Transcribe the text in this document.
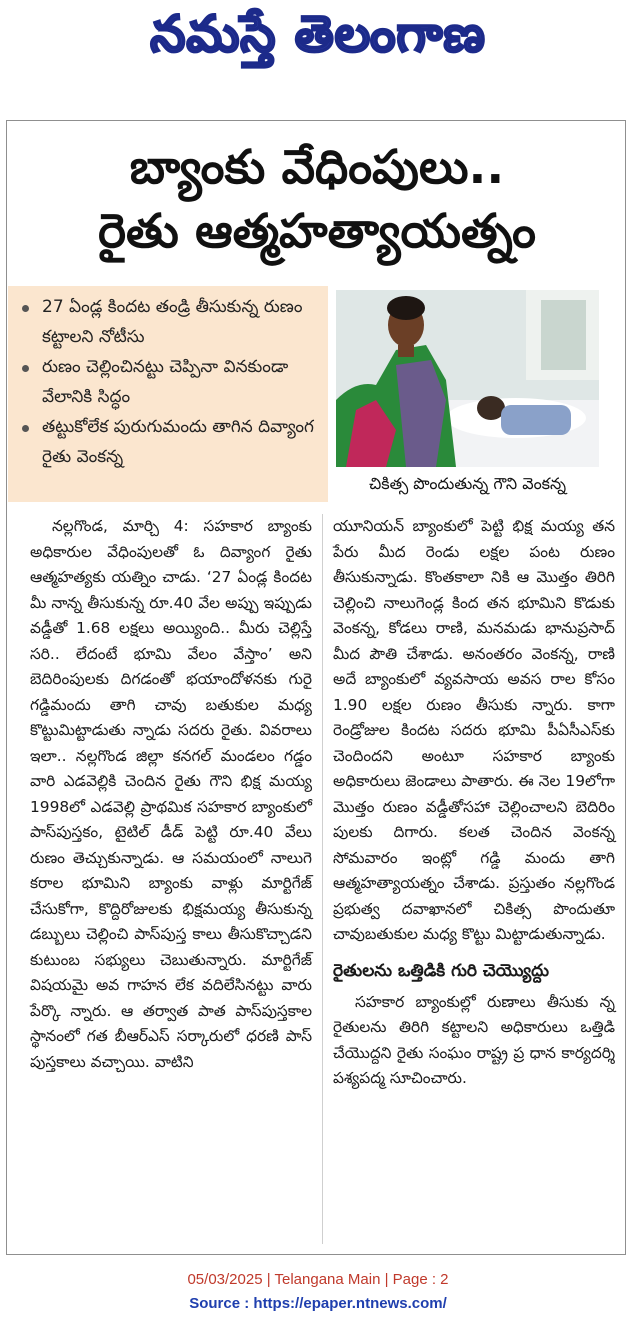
నమస్తే తెలంగాణ
బ్యాంకు వేధింపులు..
రైతు ఆత్మహత్యాయత్నం
27 ఏండ్ల కిందట తండ్రి తీసుకున్న రుణం కట్టాలని నోటీసు
రుణం చెల్లించినట్టు చెప్పినా వినకుండా వేలానికి సిద్ధం
తట్టుకోలేక పురుగుమందు తాగిన దివ్యాంగ రైతు వెంకన్న
చికిత్స పొందుతున్న గౌని వెంకన్న

నల్లగొండ, మార్చి 4: సహకార బ్యాంకు అధికారుల వేధింపులతో ఓ దివ్యాంగ రైతు ఆత్మహత్యకు యత్నిం చాడు. ‘27 ఏండ్ల కిందట మీ నాన్న తీసుకున్న రూ.40 వేల అప్పు ఇప్పుడు వడ్డీతో 1.68 లక్షలు అయ్యింది.. మీరు చెల్లిస్తే సరి.. లేదంటే భూమి వేలం వేస్తాం’ అని బెదిరింపులకు దిగడంతో భయాందోళనకు గురై గడ్డిమందు తాగి చావు బతుకుల మధ్య కొట్టుమిట్టాడుతు న్నాడు సదరు రైతు. వివరాలు ఇలా.. నల్లగొండ జిల్లా కనగల్ మండలం గడ్డం వారి ఎడవెల్లికి చెందిన రైతు గౌని భిక్ష మయ్య 1998లో ఎడవెల్లి ప్రాథమిక సహకార బ్యాంకులో పాస్‌పుస్తకం, టైటిల్ డీడ్ పెట్టి రూ.40 వేలు రుణం తెచ్చుకున్నాడు. ఆ సమయంలో నాలుగె కరాల భూమిని బ్యాంకు వాళ్లు మార్టిగేజ్ చేసుకోగా, కొద్దిరోజులకు భిక్షమయ్య తీసుకున్న డబ్బులు చెల్లించి పాస్‌పుస్త కాలు తీసుకొచ్చాడని కుటుంబ సభ్యులు చెబుతున్నారు. మార్టిగేజ్ విషయమై అవ గాహన లేక వదిలేసినట్టు వారు పేర్కొ న్నారు. ఆ తర్వాత పాత పాస్‌పుస్తకాల స్థానంలో గత బీఆర్‌ఎస్ సర్కారులో ధరణి పాస్ పుస్తకాలు వచ్చాయి. వాటిని

యూనియన్ బ్యాంకులో పెట్టి భిక్ష మయ్య తన పేరు మీద రెండు లక్షల పంట రుణం తీసుకున్నాడు. కొంతకాలా నికి ఆ మొత్తం తిరిగి చెల్లించి నాలుగెండ్ల కింద తన భూమిని కొడుకు వెంకన్న, కోడలు రాణి, మనమడు భానుప్రసాద్ మీద పౌతి చేశాడు. అనంతరం వెంకన్న, రాణి అదే బ్యాంకులో వ్యవసాయ అవస రాల కోసం 1.90 లక్షల రుణం తీసుకు న్నారు. కాగా రెండ్రోజుల కిందట సదరు భూమి పీఏసీఎస్‌కు చెందిందని అంటూ సహకార బ్యాంకు అధికారులు జెండాలు పాతారు. ఈ నెల 19లోగా మొత్తం రుణం వడ్డీతోసహా చెల్లించాలని బెదిరిం పులకు దిగారు. కలత చెందిన వెంకన్న సోమవారం ఇంట్లో గడ్డి మందు తాగి ఆత్మహత్యాయత్నం చేశాడు. ప్రస్తుతం నల్లగొండ ప్రభుత్వ దవాఖానలో చికిత్స పొందుతూ చావుబతుకుల మధ్య కొట్టు మిట్టాడుతున్నాడు.

రైతులను ఒత్తిడికి గురి చెయ్యొద్దు

సహకార బ్యాంకుల్లో రుణాలు తీసుకు న్న రైతులను తిరిగి కట్టాలని అధికారులు ఒత్తిడి చేయొద్దని రైతు సంఘం రాష్ట్ర ప్ర ధాన కార్యదర్శి పశ్యపద్మ సూచించారు.

05/03/2025 | Telangana Main | Page : 2
Source : https://epaper.ntnews.com/
